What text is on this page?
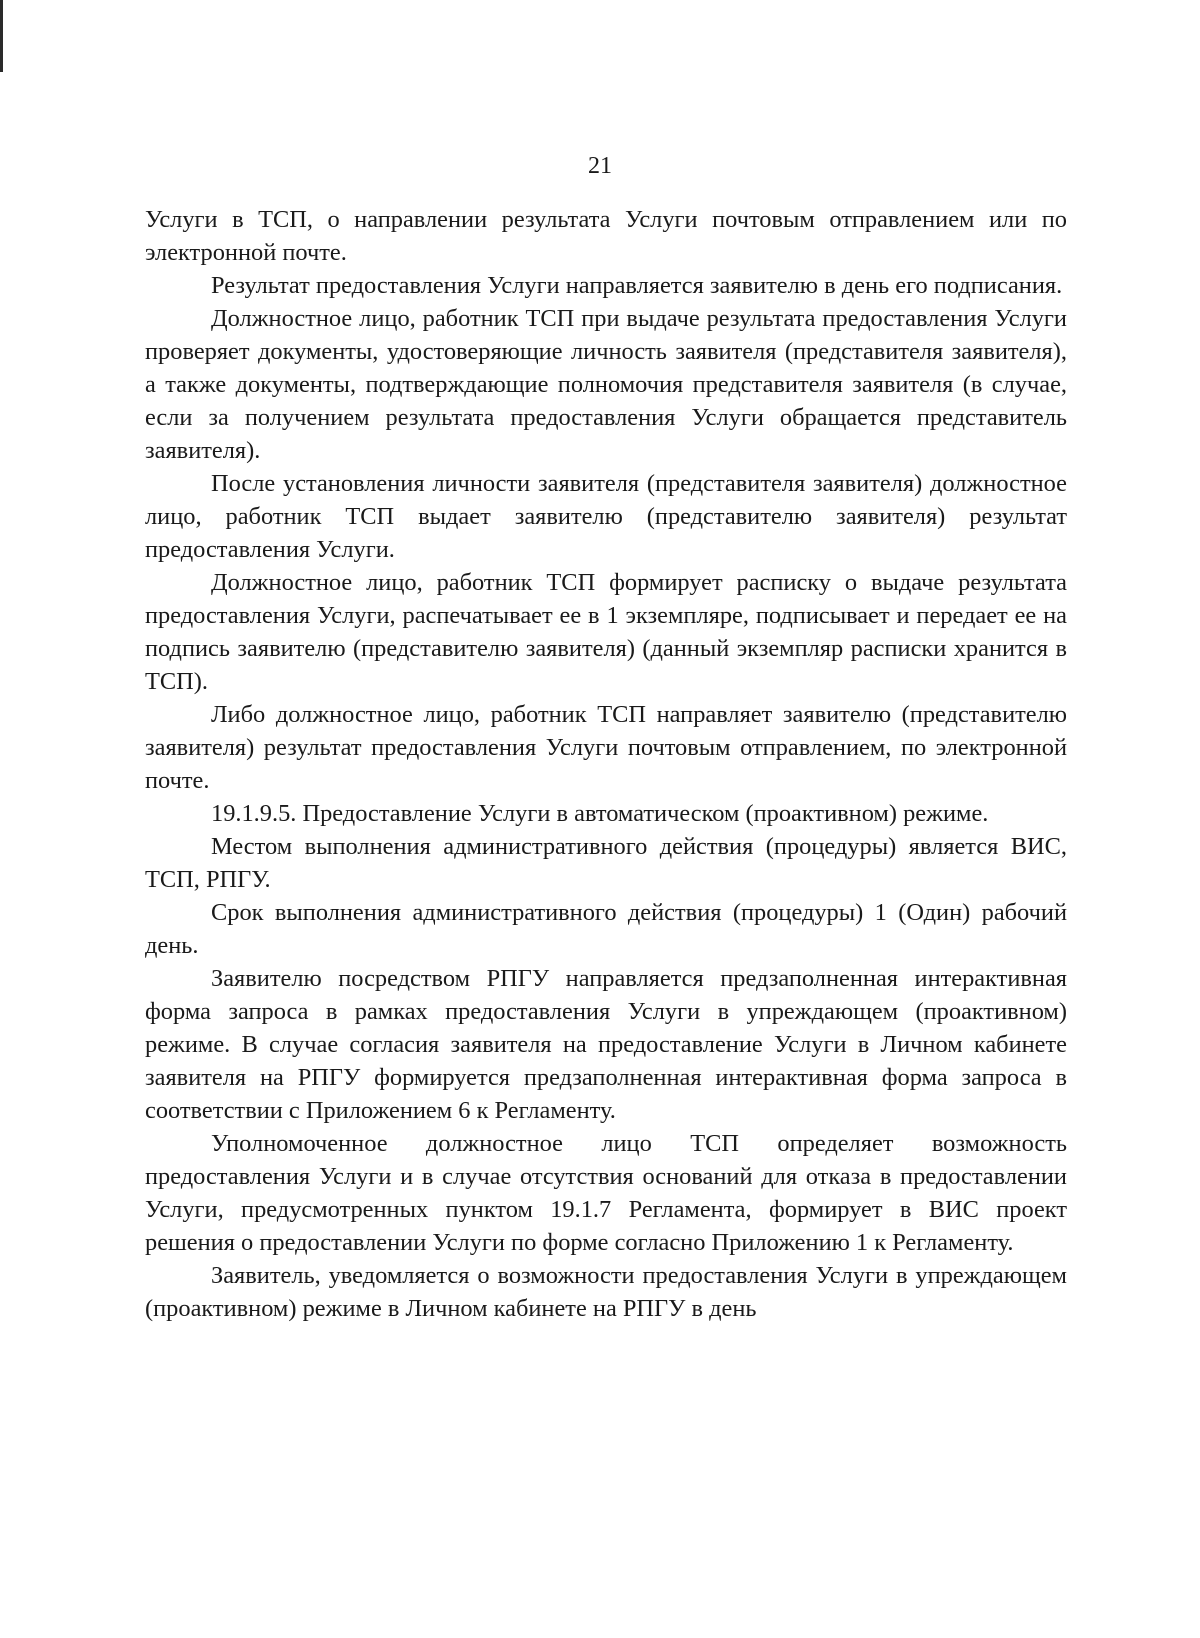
21

Услуги в ТСП, о направлении результата Услуги почтовым отправлением или по электронной почте.

Результат предоставления Услуги направляется заявителю в день его подписания.

Должностное лицо, работник ТСП при выдаче результата предоставления Услуги проверяет документы, удостоверяющие личность заявителя (представителя заявителя), а также документы, подтверждающие полномочия представителя заявителя (в случае, если за получением результата предоставления Услуги обращается представитель заявителя).

После установления личности заявителя (представителя заявителя) должностное лицо, работник ТСП выдает заявителю (представителю заявителя) результат предоставления Услуги.

Должностное лицо, работник ТСП формирует расписку о выдаче результата предоставления Услуги, распечатывает ее в 1 экземпляре, подписывает и передает ее на подпись заявителю (представителю заявителя) (данный экземпляр расписки хранится в ТСП).

Либо должностное лицо, работник ТСП направляет заявителю (представителю заявителя) результат предоставления Услуги почтовым отправлением, по электронной почте.

19.1.9.5. Предоставление Услуги в автоматическом (проактивном) режиме.

Местом выполнения административного действия (процедуры) является ВИС, ТСП, РПГУ.

Срок выполнения административного действия (процедуры) 1 (Один) рабочий день.

Заявителю посредством РПГУ направляется предзаполненная интерактивная форма запроса в рамках предоставления Услуги в упреждающем (проактивном) режиме. В случае согласия заявителя на предоставление Услуги в Личном кабинете заявителя на РПГУ формируется предзаполненная интерактивная форма запроса в соответствии с Приложением 6 к Регламенту.

Уполномоченное должностное лицо ТСП определяет возможность предоставления Услуги и в случае отсутствия оснований для отказа в предоставлении Услуги, предусмотренных пунктом 19.1.7 Регламента, формирует в ВИС проект решения о предоставлении Услуги по форме согласно Приложению 1 к Регламенту.

Заявитель, уведомляется о возможности предоставления Услуги в упреждающем (проактивном) режиме в Личном кабинете на РПГУ в день
